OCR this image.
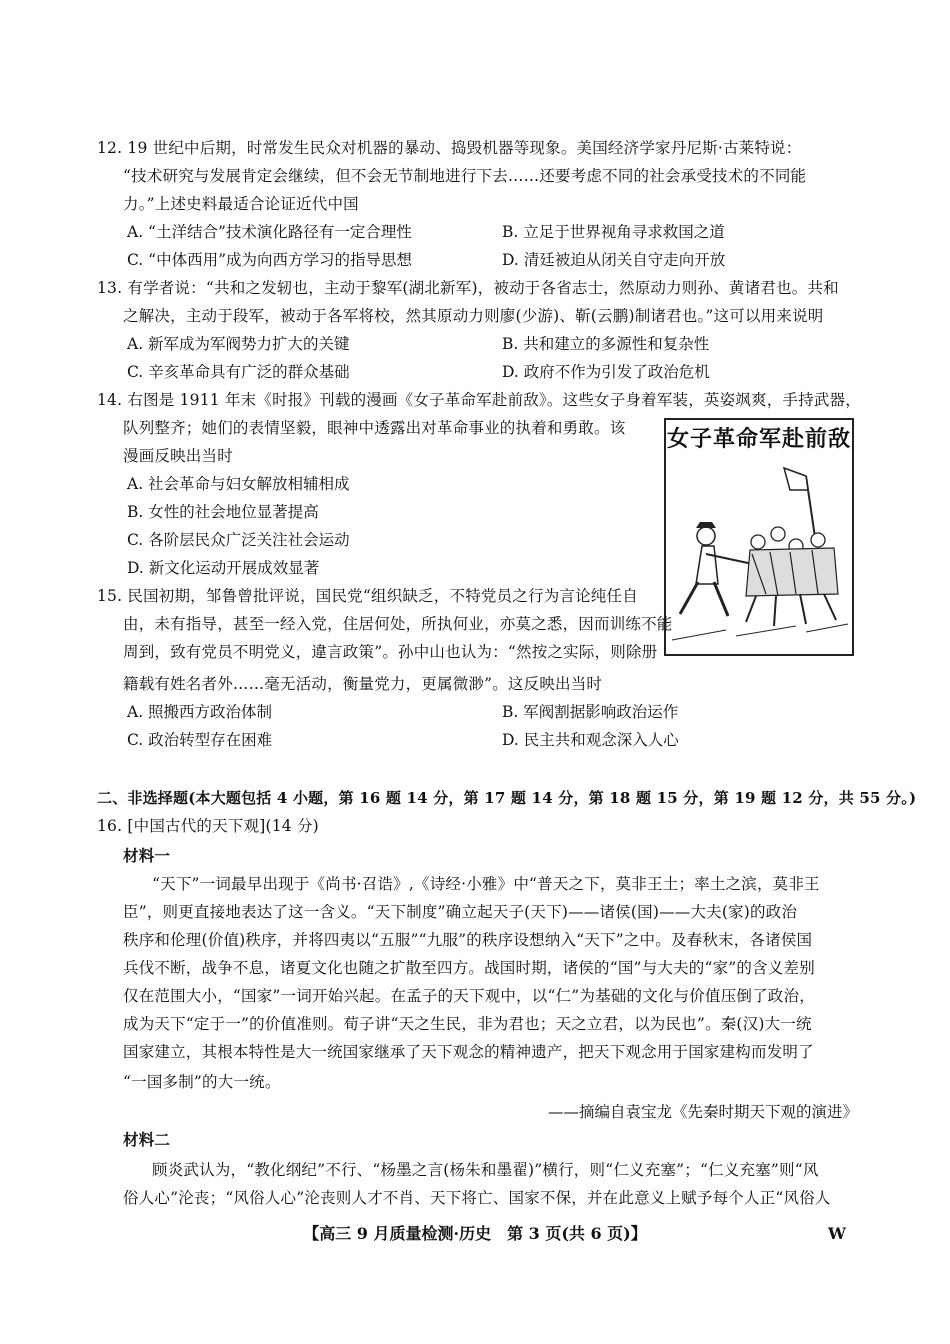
12. 19 世纪中后期，时常发生民众对机器的暴动、捣毁机器等现象。美国经济学家丹尼斯·古莱特说：
“技术研究与发展肯定会继续，但不会无节制地进行下去……还要考虑不同的社会承受技术的不同能
力。”上述史料最适合论证近代中国
A. “土洋结合”技术演化路径有一定合理性	B. 立足于世界视角寻求救国之道
C. “中体西用”成为向西方学习的指导思想	D. 清廷被迫从闭关自守走向开放
13. 有学者说：“共和之发轫也，主动于黎军(湖北新军)，被动于各省志士，然原动力则孙、黄诸君也。共和
之解决，主动于段军，被动于各军将校，然其原动力则廖(少游)、靳(云鹏)制诸君也。”这可以用来说明
A. 新军成为军阀势力扩大的关键	B. 共和建立的多源性和复杂性
C. 辛亥革命具有广泛的群众基础	D. 政府不作为引发了政治危机
14. 右图是 1911 年末《时报》刊载的漫画《女子革命军赴前敌》。这些女子身着军装，英姿飒爽，手持武器，
队列整齐；她们的表情坚毅，眼神中透露出对革命事业的执着和勇敢。该
漫画反映出当时
A. 社会革命与妇女解放相辅相成
B. 女性的社会地位显著提高
C. 各阶层民众广泛关注社会运动
D. 新文化运动开展成效显著
女子革命军赴前敌
15. 民国初期，邹鲁曾批评说，国民党“组织缺乏，不特党员之行为言论纯任自
由，未有指导，甚至一经入党，住居何处，所执何业，亦莫之悉，因而训练不能
周到，致有党员不明党义，違言政策”。孙中山也认为：“然按之实际，则除册
籍载有姓名者外……毫无活动，衡量党力，更属微渺”。这反映出当时
A. 照搬西方政治体制	B. 军阀割据影响政治运作
C. 政治转型存在困难	D. 民主共和观念深入人心
二、非选择题(本大题包括 4 小题，第 16 题 14 分，第 17 题 14 分，第 18 题 15 分，第 19 题 12 分，共 55 分。)
16. [中国古代的天下观](14 分)
材料一
“天下”一词最早出现于《尚书·召诰》,《诗经·小雅》中“普天之下，莫非王土；率土之滨，莫非王
臣”，则更直接地表达了这一含义。“天下制度”确立起天子(天下)——诸侯(国)——大夫(家)的政治
秩序和伦理(价值)秩序，并将四夷以“五服”“九服”的秩序设想纳入“天下”之中。及春秋末，各诸侯国
兵伐不断，战争不息，诸夏文化也随之扩散至四方。战国时期，诸侯的“国”与大夫的“家”的含义差别
仅在范围大小，“国家”一词开始兴起。在孟子的天下观中，以“仁”为基础的文化与价值压倒了政治，
成为天下“定于一”的价值准则。荀子讲“天之生民，非为君也；天之立君，以为民也”。秦(汉)大一统
国家建立，其根本特性是大一统国家继承了天下观念的精神遗产，把天下观念用于国家建构而发明了
“一国多制”的大一统。
——摘编自袁宝龙《先秦时期天下观的演进》
材料二
顾炎武认为，“教化纲纪”不行、“杨墨之言(杨朱和墨翟)”横行，则“仁义充塞”；“仁义充塞”则“风
俗人心”沦丧；“风俗人心”沦丧则人才不肖、天下将亡、国家不保，并在此意义上赋予每个人正“风俗人
【高三 9 月质量检测·历史　第 3 页(共 6 页)】	W
